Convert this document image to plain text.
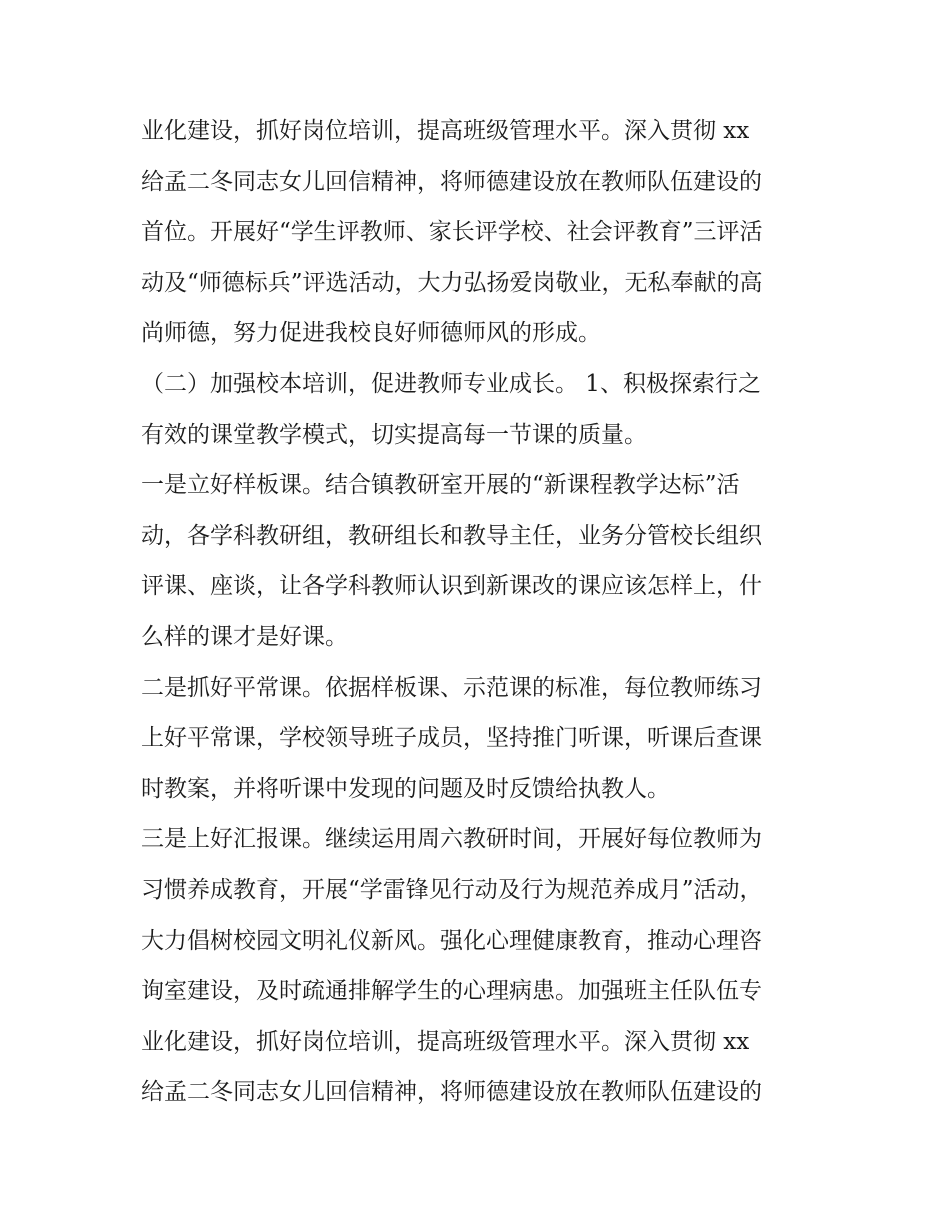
业化建设，抓好岗位培训，提高班级管理水平。深入贯彻 xx
给孟二冬同志女儿回信精神，将师德建设放在教师队伍建设的
首位。开展好“学生评教师、家长评学校、社会评教育”三评活
动及“师德标兵”评选活动，大力弘扬爱岗敬业，无私奉献的高
尚师德，努力促进我校良好师德师风的形成。
（二）加强校本培训，促进教师专业成长。 1、积极探索行之
有效的课堂教学模式，切实提高每一节课的质量。
一是立好样板课。结合镇教研室开展的“新课程教学达标”活
动，各学科教研组，教研组长和教导主任，业务分管校长组织
评课、座谈，让各学科教师认识到新课改的课应该怎样上，什
么样的课才是好课。
二是抓好平常课。依据样板课、示范课的标准，每位教师练习
上好平常课，学校领导班子成员，坚持推门听课，听课后查课
时教案，并将听课中发现的问题及时反馈给执教人。
三是上好汇报课。继续运用周六教研时间，开展好每位教师为
习惯养成教育，开展“学雷锋见行动及行为规范养成月”活动，
大力倡树校园文明礼仪新风。强化心理健康教育，推动心理咨
询室建设，及时疏通排解学生的心理病患。加强班主任队伍专
业化建设，抓好岗位培训，提高班级管理水平。深入贯彻 xx
给孟二冬同志女儿回信精神，将师德建设放在教师队伍建设的
